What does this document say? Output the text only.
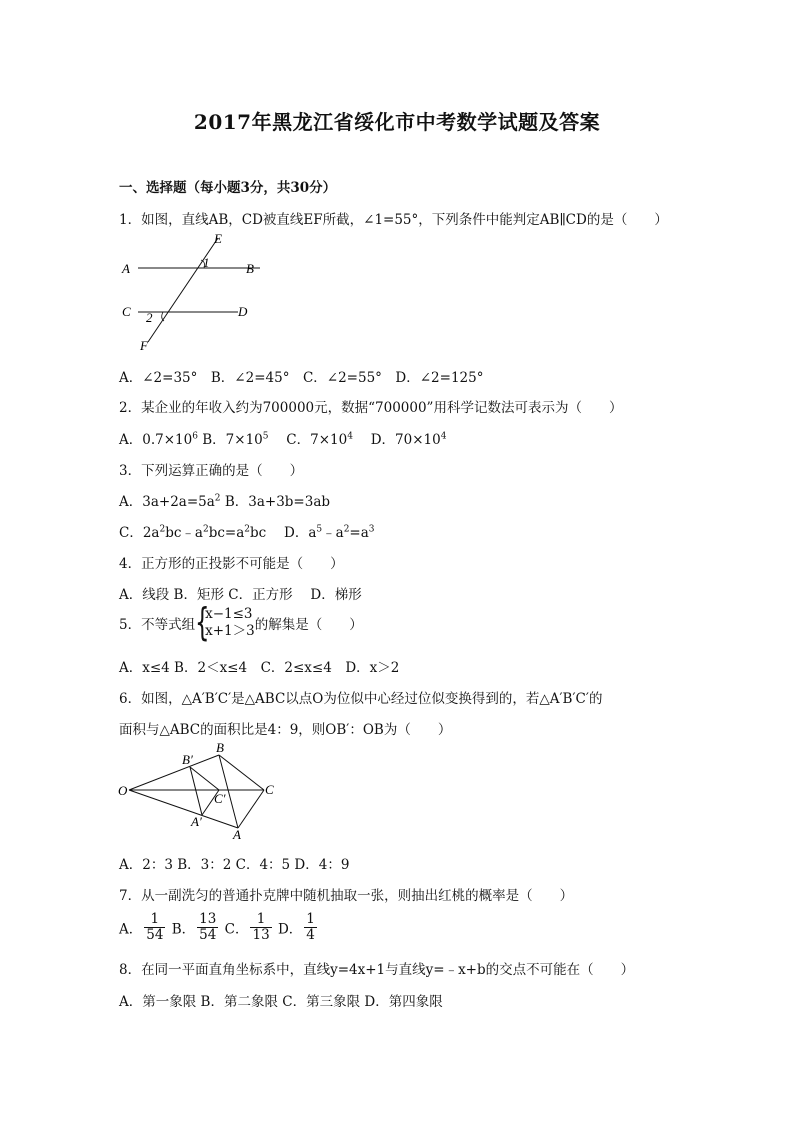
2017年黑龙江省绥化市中考数学试题及答案
一、选择题（每小题3分，共30分）
1．如图，直线AB，CD被直线EF所截，∠1=55°，下列条件中能判定AB∥CD的是（　　）
A	B
C	D
E
F
1
2
A．∠2=35°　B．∠2=45°　C．∠2=55°　D．∠2=125°
2．某企业的年收入约为700000元，数据“700000”用科学记数法可表示为（　　）
A．$0.7\times 10^6$ B．$7\times 10^5$　 C．$7\times 10^4$　 D．$70\times 10^4$
3．下列运算正确的是（　　）
A．$3a+2a=5a^2$ B．3a+3b=3ab
C．$2a^2bc﹣a^2bc=a^2bc$　 D．$a^5﹣a^2=a^3$
4．正方形的正投影不可能是（　　）
A．线段 B．矩形 C．正方形　 D．梯形
5．不等式组 {
x−1≤3
x+1＞3 的解集是（　　）
A．x≤4 B．2＜x≤4　C．2≤x≤4　D．x＞2
6．如图，△A′B′C′是△ABC以点O为位似中心经过位似变换得到的，若△A′B′C′的
面积与△ABC的面积比是4：9，则OB′：OB为（　　）
O
B
B′
C
C′
A′
A
A．2：3 B．3：2 C．4：5 D．4：9
7．从一副洗匀的普通扑克牌中随机抽取一张，则抽出红桃的概率是（　　）
A． $\frac{1}{54}$ B． $\frac{13}{54}$ C． $\frac{1}{13}$ D． $\frac{1}{4}$
8．在同一平面直角坐标系中，直线y=4x+1与直线y=﹣x+b的交点不可能在（　　）
A．第一象限 B．第二象限 C．第三象限 D．第四象限
